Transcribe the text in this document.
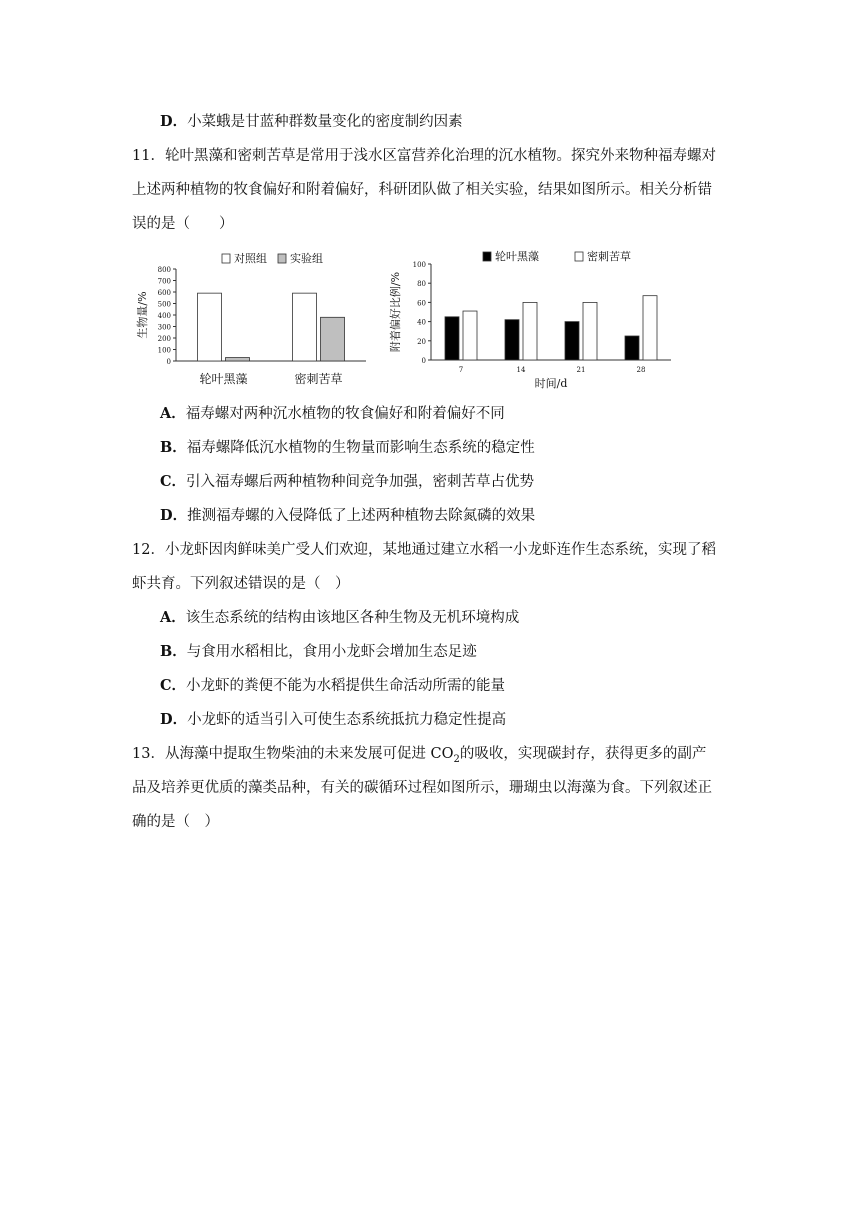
D．小菜蛾是甘蓝种群数量变化的密度制约因素
11．轮叶黑藻和密刺苦草是常用于浅水区富营养化治理的沉水植物。探究外来物种福寿螺对
上述两种植物的牧食偏好和附着偏好，科研团队做了相关实验，结果如图所示。相关分析错
误的是（　　）
0
100
200
300
400
500
600
700
800
生物量/%
轮叶黑藻	密刺苦草
对照组 实验组
0
20
40
60
80
100
附着偏好比例/%
7	14	21	28
轮叶黑藻	密刺苦草
时间/d
A．福寿螺对两种沉水植物的牧食偏好和附着偏好不同
B．福寿螺降低沉水植物的生物量而影响生态系统的稳定性
C．引入福寿螺后两种植物种间竞争加强，密刺苦草占优势
D．推测福寿螺的入侵降低了上述两种植物去除氮磷的效果
12．小龙虾因肉鲜味美广受人们欢迎，某地通过建立水稻一小龙虾连作生态系统，实现了稻
虾共育。下列叙述错误的是（　）
A．该生态系统的结构由该地区各种生物及无机环境构成
B．与食用水稻相比，食用小龙虾会增加生态足迹
C．小龙虾的粪便不能为水稻提供生命活动所需的能量
D．小龙虾的适当引入可使生态系统抵抗力稳定性提高
13．从海藻中提取生物柴油的未来发展可促进 $CO_2$的吸收，实现碳封存，获得更多的副产
品及培养更优质的藻类品种，有关的碳循环过程如图所示，珊瑚虫以海藻为食。下列叙述正
确的是（　）
